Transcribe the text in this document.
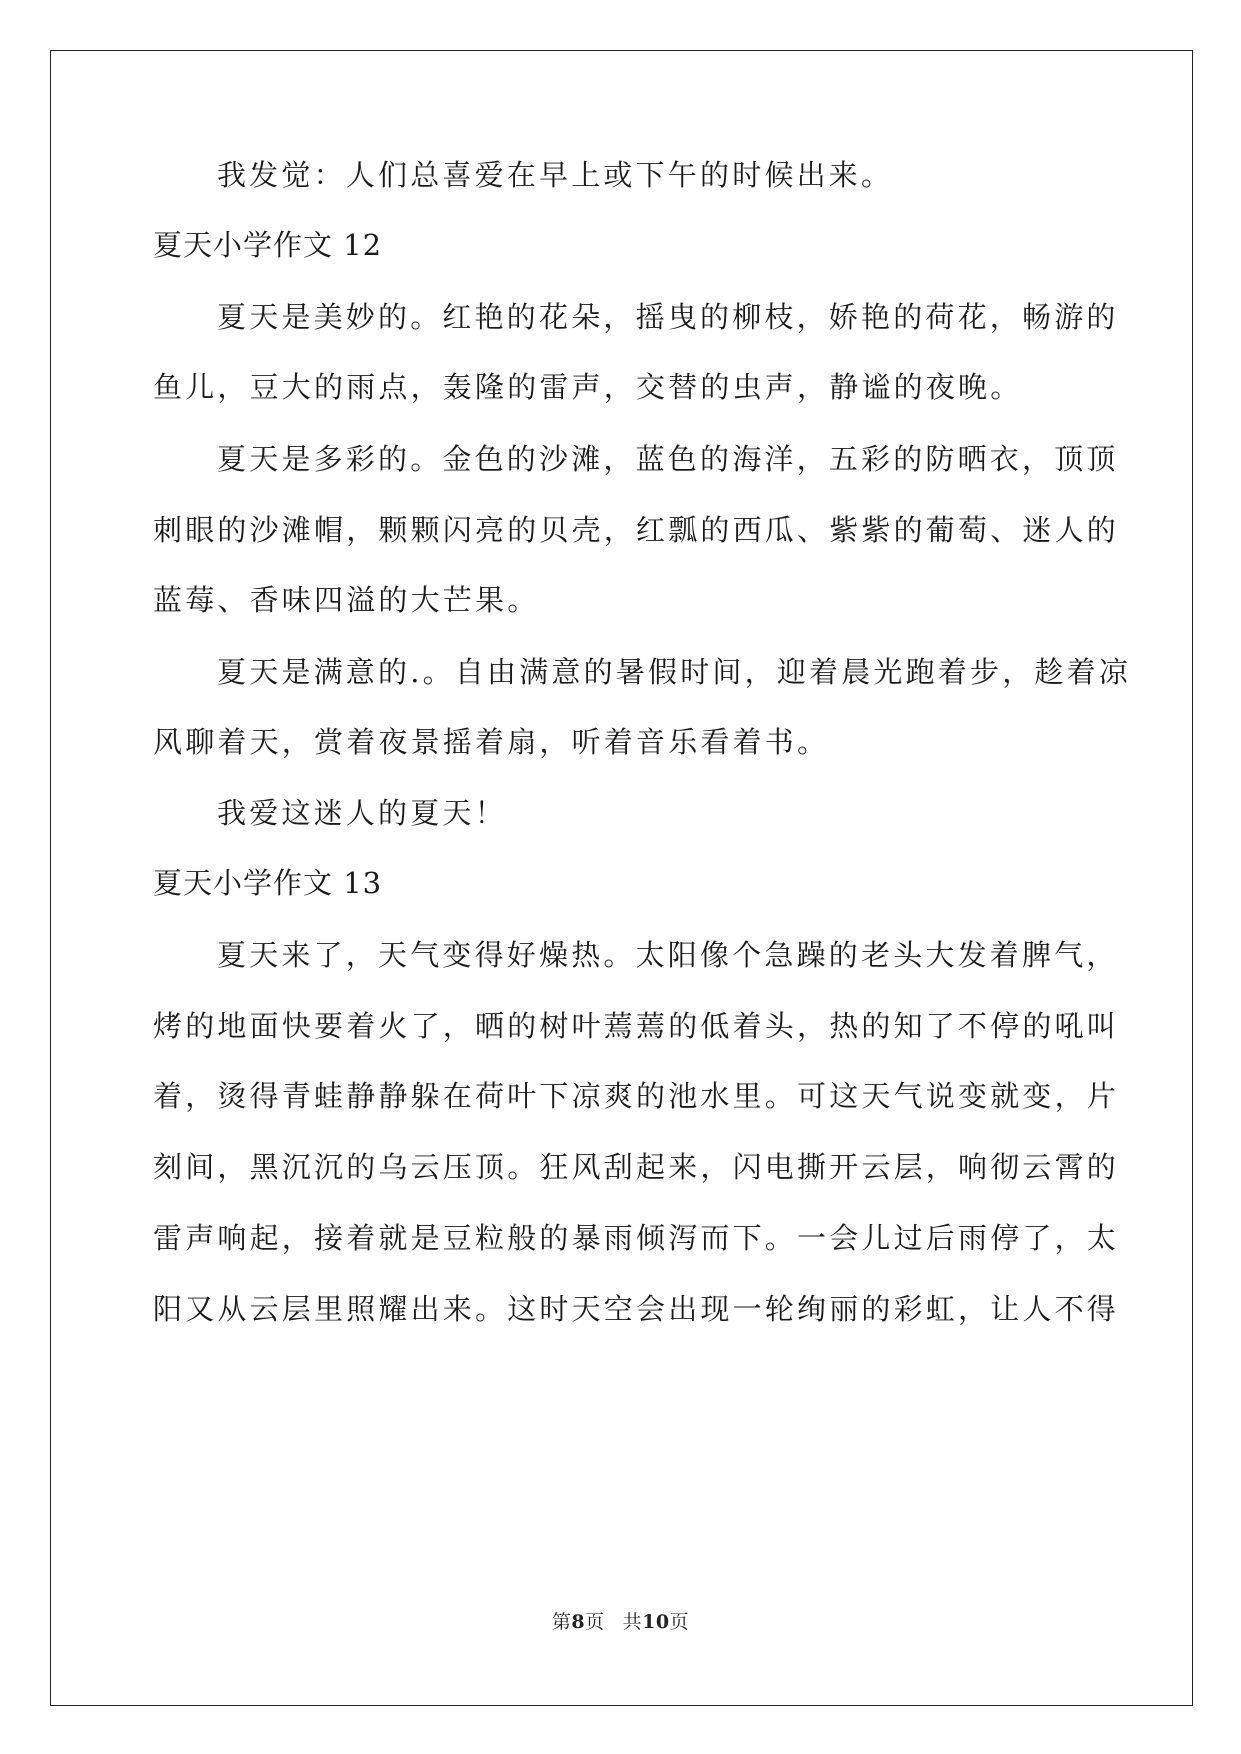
我发觉：人们总喜爱在早上或下午的时候出来。
夏天小学作文 12
夏天是美妙的。红艳的花朵，摇曳的柳枝，娇艳的荷花，畅游的
鱼儿，豆大的雨点，轰隆的雷声，交替的虫声，静谧的夜晚。
夏天是多彩的。金色的沙滩，蓝色的海洋，五彩的防晒衣，顶顶
刺眼的沙滩帽，颗颗闪亮的贝壳，红瓢的西瓜、紫紫的葡萄、迷人的
蓝莓、香味四溢的大芒果。
夏天是满意的.。自由满意的暑假时间，迎着晨光跑着步，趁着凉
风聊着天，赏着夜景摇着扇，听着音乐看着书。
我爱这迷人的夏天！
夏天小学作文 13
夏天来了，天气变得好燥热。太阳像个急躁的老头大发着脾气，
烤的地面快要着火了，晒的树叶蔫蔫的低着头，热的知了不停的吼叫
着，烫得青蛙静静躲在荷叶下凉爽的池水里。可这天气说变就变，片
刻间，黑沉沉的乌云压顶。狂风刮起来，闪电撕开云层，响彻云霄的
雷声响起，接着就是豆粒般的暴雨倾泻而下。一会儿过后雨停了，太
阳又从云层里照耀出来。这时天空会出现一轮绚丽的彩虹，让人不得
第8页 共10页
